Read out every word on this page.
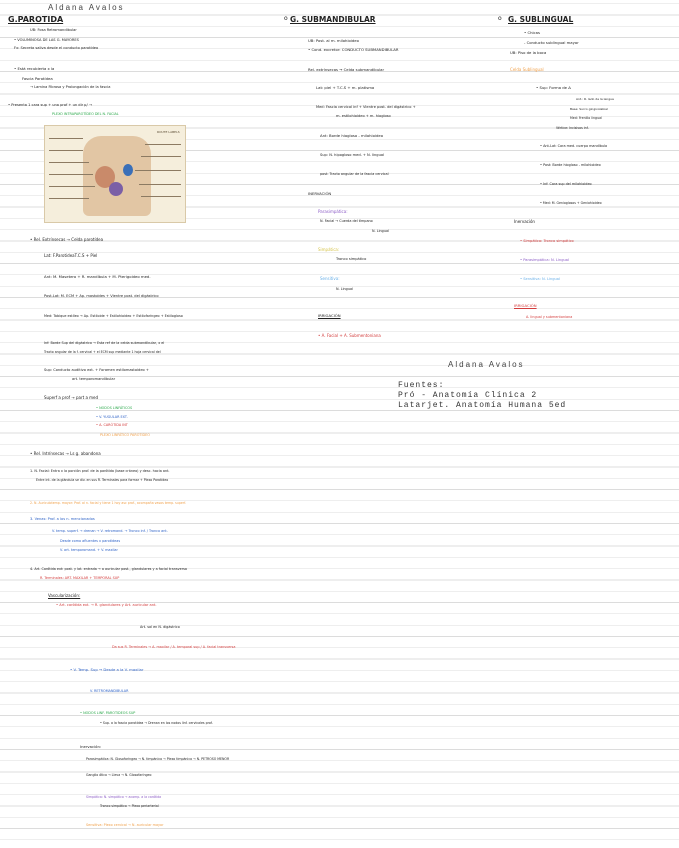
Aldana Avalos
G.PAROTIDA
UB: Fosa Retromandibular
• VOLUMINOSA DE LAS G. MAYORES
Fx: Secreta saliva desde el conducto parotídeo
• Está recubierta x la
Fascia Parotídea
→ Lamina Fibrosa y Prolongación de la fascia
• Presenta 1 cara sup + una prof + un dir p/ →
PLEXO INTRAPAROTÍDEO DEL N. FACIAL
ROUTE LABELS
• Rel. Extrínsecas → Celda parotídea
Lat: F.ParotideaT.C.S + Piel
Ant: M. Masetero + R. mandíbula + M. Pterigoideo med.
Post-Lat: M. ECM + Ap. mastoides + Vientre post. del digástrico
Med: Tabique estíleo → Ap. Estiloide + Estilohioideo + Estilofaríngeo + Estilogloso
Inf: Borde Sup del digástrico → Esta ref de la celda submandibular, x el
Tracto angular de la f. cervical + el ECM sup mediante 1 hoja cervical del
Sup: Conducto auditivo ext. + Foramen estilomastoideo +
art. temporomandibular
Superf a prof → part a med
• NODOS LINFÁTICOS
• V. YUGULAR EXT.
• A. CARÓTIDA INT
PLEXO LINFÁTICO PAROTIDEO
• Rel. Intrínsecas → Ls g. abandona
1. N. Facial: Entra x la porción prof. de la parótida (base cráneo) y desc. hacia ant.
Entre int. de la glándula se div. en sus R. Terminales para formar + Plexo Parotídeo
2. N. Auriculotemp. mayor: Prof. al n. facial y tiene 1 hoy asc prof., acompaña vasos temp. superf.
3. Venas: Prof. a los n. mencionados
V. temp. superf. → drenan → V. retromand. → Tronco inf. / Tronco ant.
Desde como afluentes x parotídeas
V. art. temporomand. + V. maxilar
4. Art. Carótida ext: post. y lat. entrada → a auricular post., glandulares y a facial transversa
R. Terminales: ART. MAXILAR + TEMPORAL SUP
Vascularización:
• Art. carótida ext. → R. glandulares y Art. auricular ant.
Art. sal en N. digástrico
Da sus R. Terminales → A. maxilar / A. temporal sup / A. facial transversa
• V. Temp. Sup → Desde a la V. maxilar
V. RETROMANDIBULAR
• NODOS LINF. PAROTIDEOS SUP
• Sup. a la fascia parotídea → Drenan en los nodos linf. cervicales prof.
Inervación:
Parasimpática: N. Glosofaríngeo → N. timpánico → Plexo timpánico → N. PETROSO MENOR
Ganglio ótico → Lleva → N. Glosofaríngeo
Simpática: N. simpático → acomp. a la carótida
Tronco simpático → Plexo periarterial
Sensitiva: Plexo cervical → N. auricular mayor
G. SUBMANDIBULAR
UB: Post. al m. milohioideo
• Cond. excretor: CONDUCTO SUBMANDIBULAR
Rel. extrínsecas → Celda submandibular
Lat: piel + T.C.S + m. platisma
Med: Fascia cervical inf + Vientre post. del digástrico +
m. estilohioideo + m. hiogloso
Ant: Borde hiogloso - milohioideo
Sup: N. hipogloso med. + N. lingual
post: Tracto angular de la fascia cervical
INERVACIÓN
Parasimpática:
N. Facial → Cuerda del tímpano
N. Lingual
Simpática:
Tronco simpático
Sensitiva:
N. Lingual
IRRIGACIÓN
• A. Facial + A. Submentoniana
G. SUBLINGUAL
• Chicas
- Conducto sublingual mayor
UB: Piso de la boca
Celda Sublingual
• Sup: Forma de Δ
Ant.: R. lado de la lengua
Base: Surco gingivolabial
Med: Frenillo lingual
Vértice: Incisivos inf.
• Ant-Lat: Cara med. cuerpo mandíbula
• Post: Borde hiogloso - milohioideo
• Inf: Cara sup del milohioideo
• Med: M. Genioglosos + Geniohioideo
Inervación
• Simpática: Tronco simpático
• Parasimpática: N. Lingual
• Sensitiva: N. Lingual
IRRIGACIÓN
A. lingual y submentoniana
Aldana Avalos
Fuentes:
Pró - Anatomía Clínica 2
Latarjet. Anatomía Humana 5ed
o	o
